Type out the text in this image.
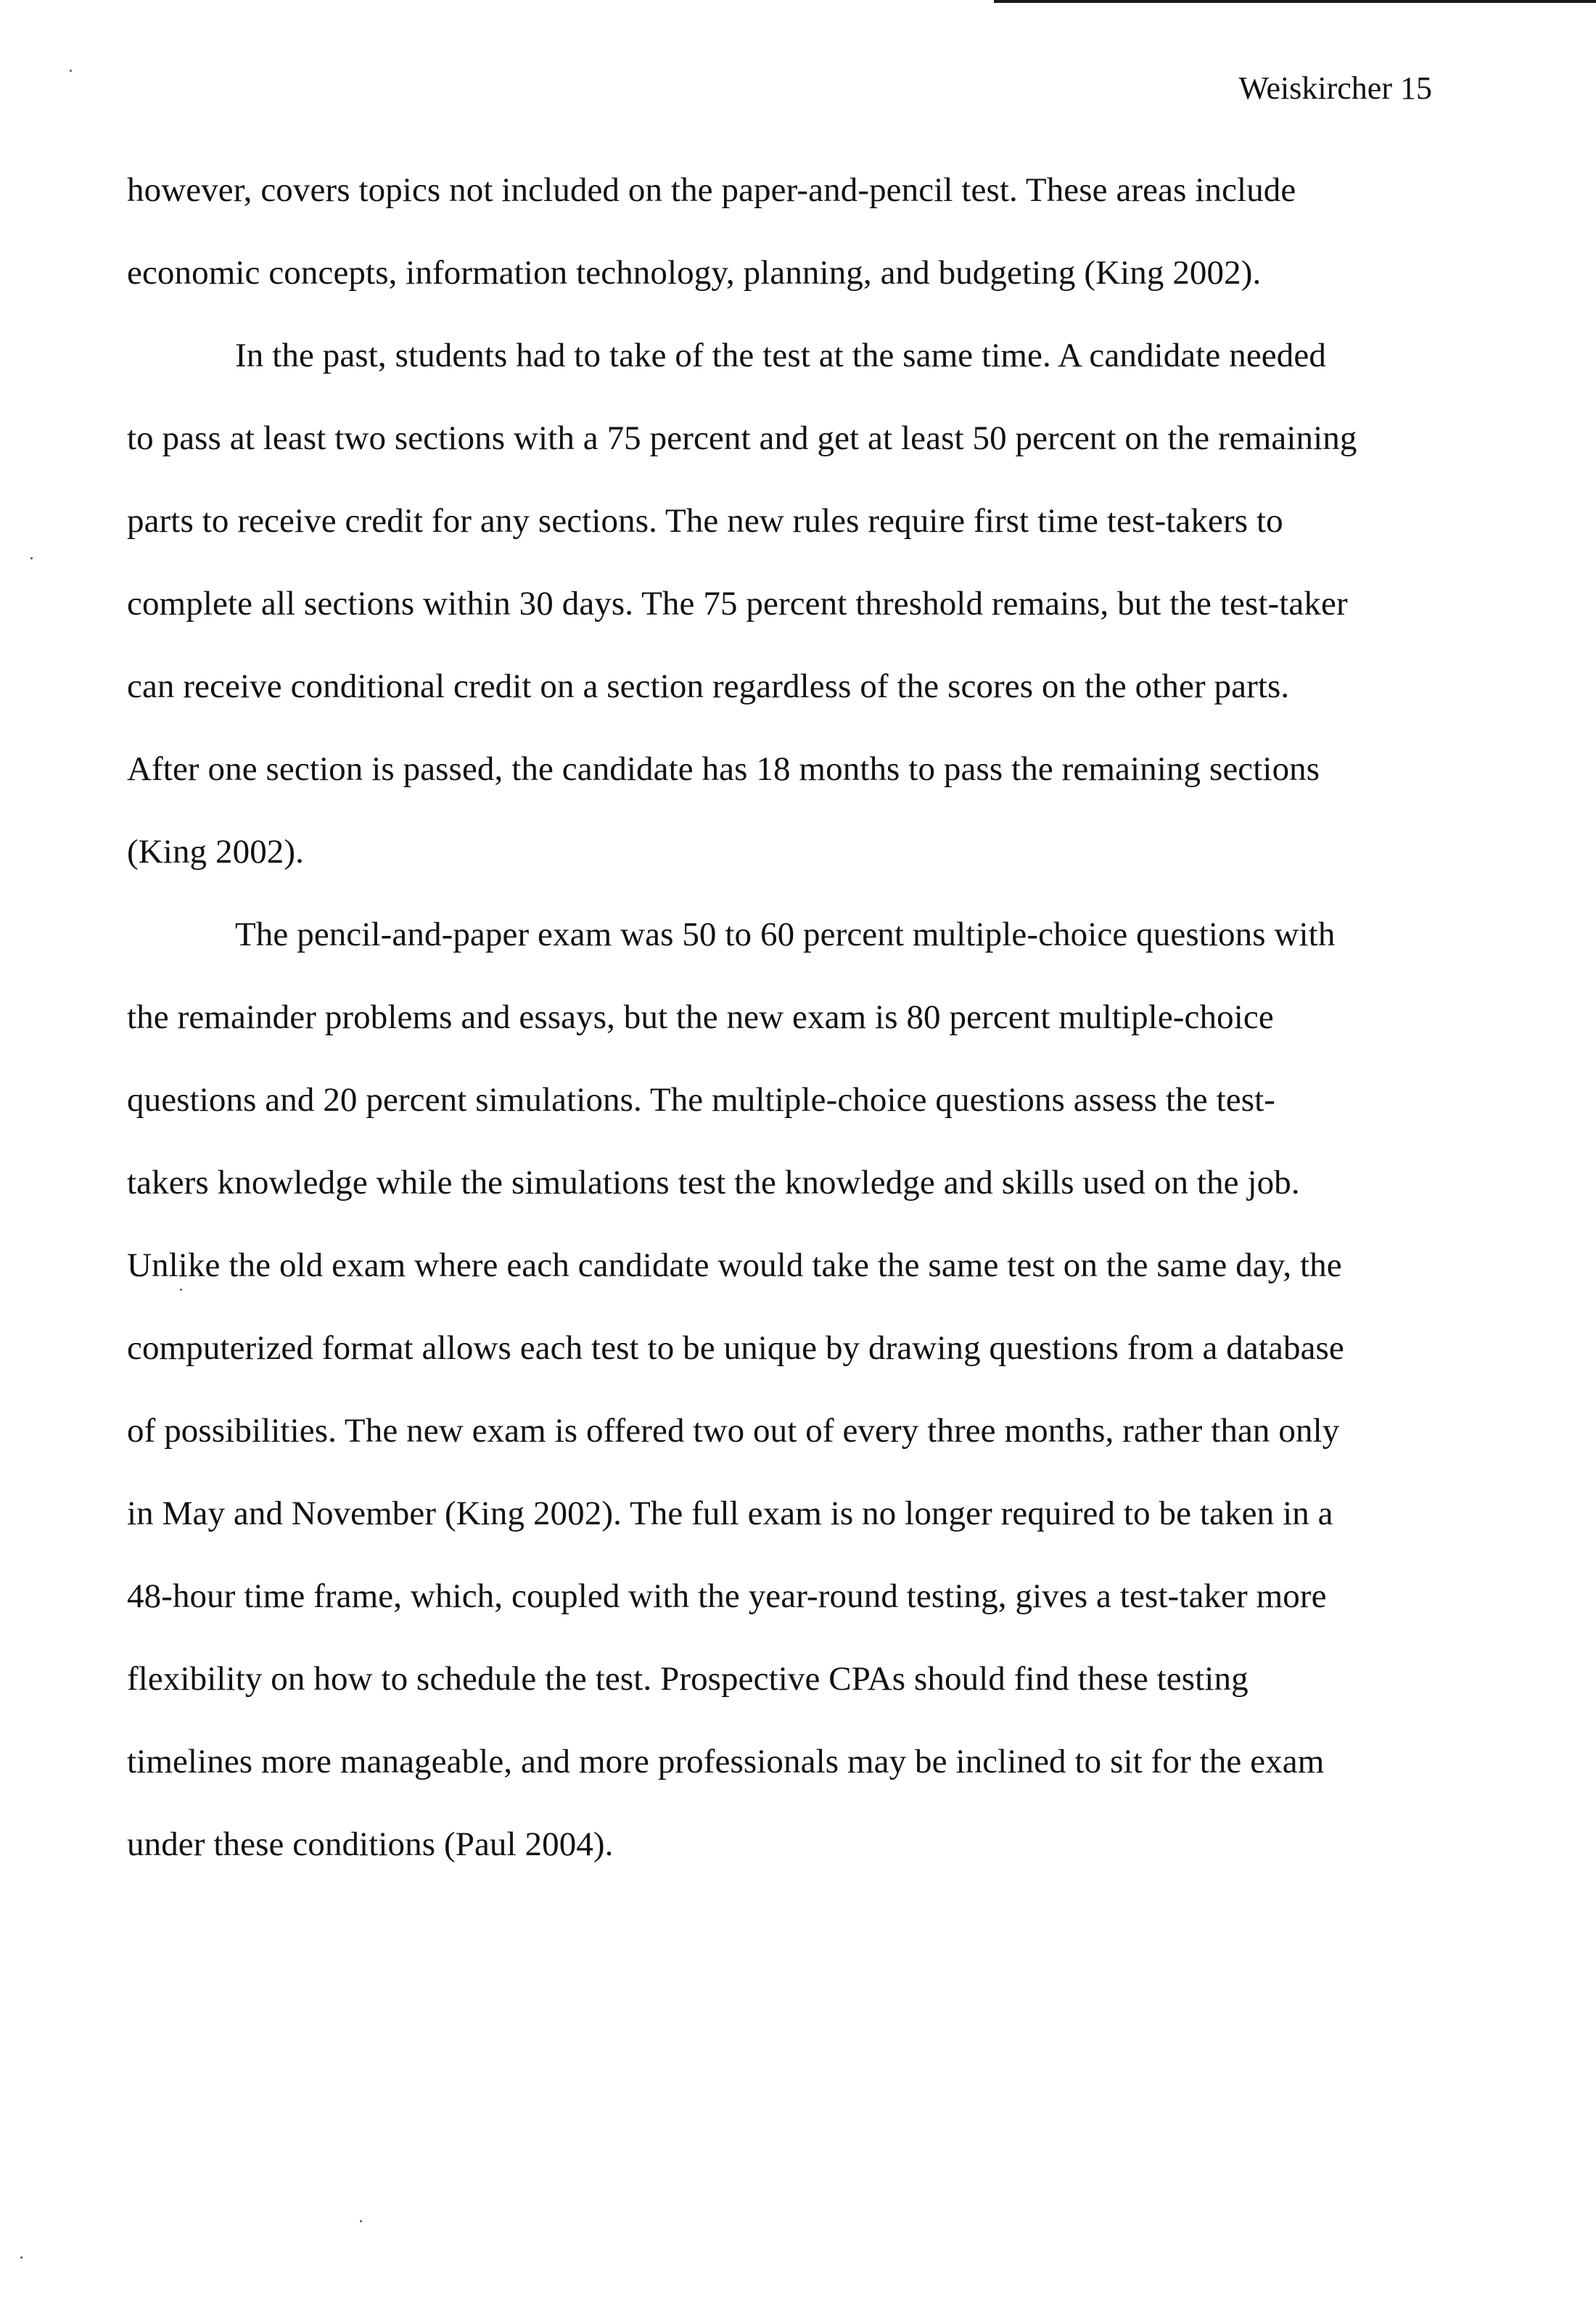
Weiskircher 15
however, covers topics not included on the paper-and-pencil test. These areas include
economic concepts, information technology, planning, and budgeting (King 2002).
In the past, students had to take of the test at the same time. A candidate needed
to pass at least two sections with a 75 percent and get at least 50 percent on the remaining
parts to receive credit for any sections. The new rules require first time test-takers to
complete all sections within 30 days. The 75 percent threshold remains, but the test-taker
can receive conditional credit on a section regardless of the scores on the other parts.
After one section is passed, the candidate has 18 months to pass the remaining sections
(King 2002).
The pencil-and-paper exam was 50 to 60 percent multiple-choice questions with
the remainder problems and essays, but the new exam is 80 percent multiple-choice
questions and 20 percent simulations. The multiple-choice questions assess the test-
takers knowledge while the simulations test the knowledge and skills used on the job.
Unlike the old exam where each candidate would take the same test on the same day, the
computerized format allows each test to be unique by drawing questions from a database
of possibilities. The new exam is offered two out of every three months, rather than only
in May and November (King 2002). The full exam is no longer required to be taken in a
48-hour time frame, which, coupled with the year-round testing, gives a test-taker more
flexibility on how to schedule the test. Prospective CPAs should find these testing
timelines more manageable, and more professionals may be inclined to sit for the exam
under these conditions (Paul 2004).
